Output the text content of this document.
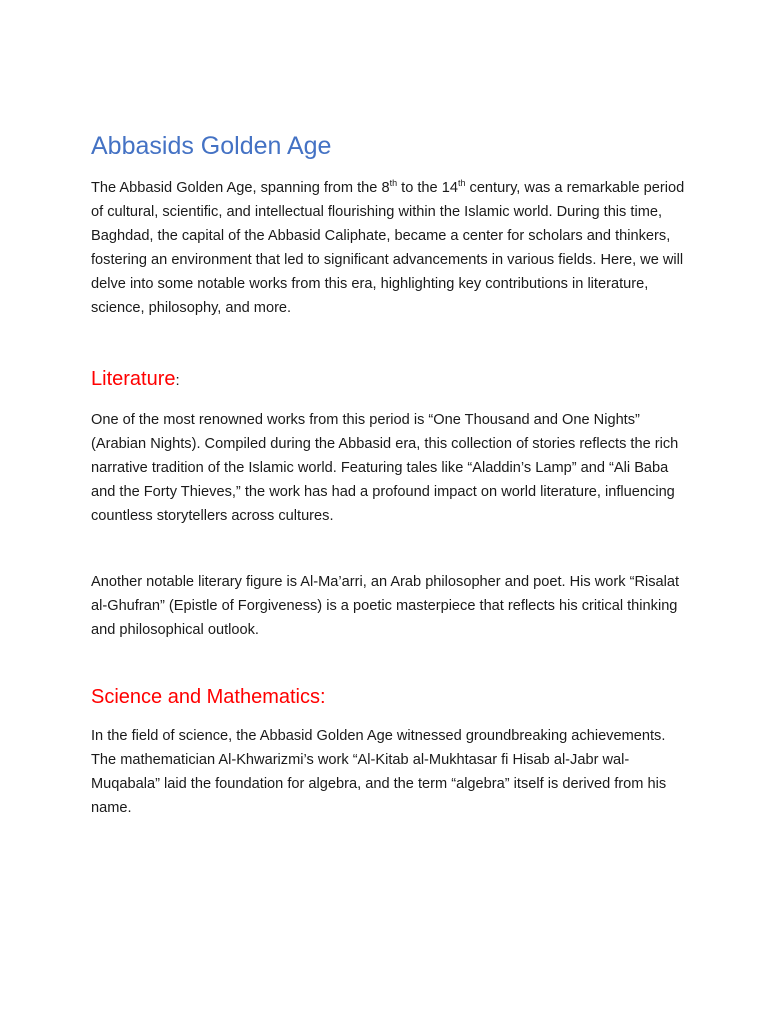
Abbasids Golden Age

The Abbasid Golden Age, spanning from the 8th to the 14th century, was a remarkable period of cultural, scientific, and intellectual flourishing within the Islamic world. During this time, Baghdad, the capital of the Abbasid Caliphate, became a center for scholars and thinkers, fostering an environment that led to significant advancements in various fields. Here, we will delve into some notable works from this era, highlighting key contributions in literature, science, philosophy, and more.

Literature:

One of the most renowned works from this period is “One Thousand and One Nights” (Arabian Nights). Compiled during the Abbasid era, this collection of stories reflects the rich narrative tradition of the Islamic world. Featuring tales like “Aladdin’s Lamp” and “Ali Baba and the Forty Thieves,” the work has had a profound impact on world literature, influencing countless storytellers across cultures.

Another notable literary figure is Al-Ma’arri, an Arab philosopher and poet. His work “Risalat al-Ghufran” (Epistle of Forgiveness) is a poetic masterpiece that reflects his critical thinking and philosophical outlook.

Science and Mathematics:

In the field of science, the Abbasid Golden Age witnessed groundbreaking achievements. The mathematician Al-Khwarizmi’s work “Al-Kitab al-Mukhtasar fi Hisab al-Jabr wal-Muqabala” laid the foundation for algebra, and the term “algebra” itself is derived from his name.
